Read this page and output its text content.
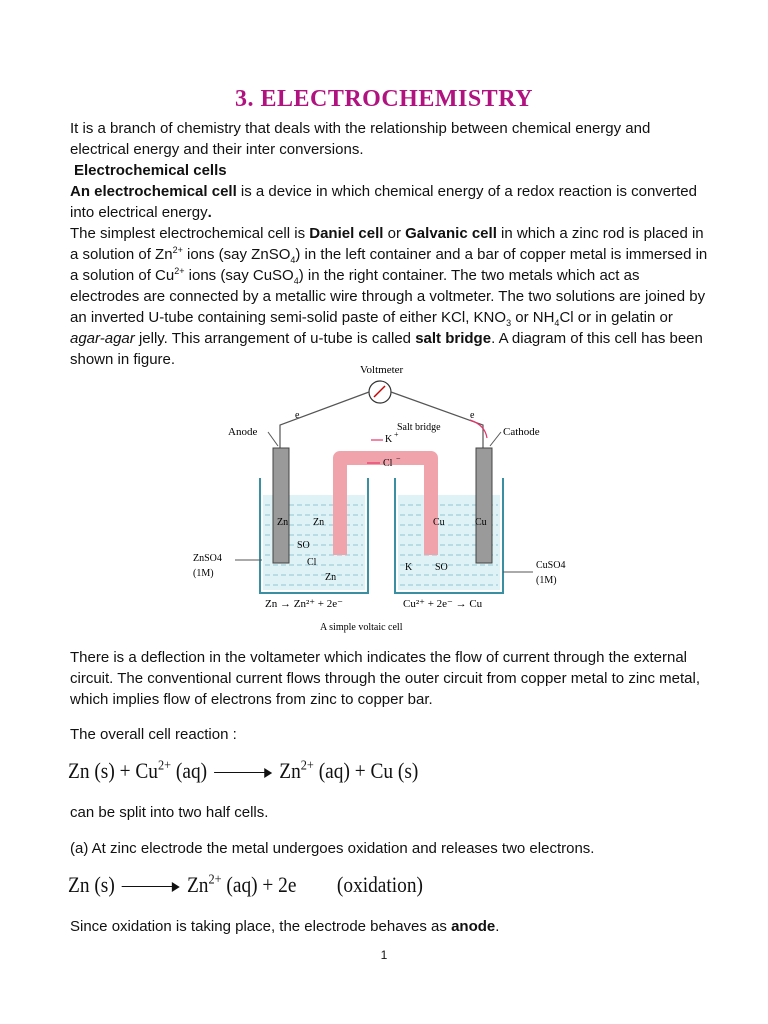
3. ELECTROCHEMISTRY

It is a branch of chemistry that deals with the relationship between chemical energy and electrical energy and their inter conversions.

Electrochemical cells

An electrochemical cell is a device in which chemical energy of a redox reaction is converted into electrical energy.

The simplest electrochemical cell is Daniel cell or Galvanic cell in which a zinc rod is placed in a solution of $Zn^{2+}$ ions (say ZnSO$_4$) in the left container and a bar of copper metal is immersed in a solution of $Cu^{2+}$ ions (say CuSO$_4$) in the right container. The two metals which act as electrodes are connected by a metallic wire through a voltmeter. The two solutions are joined by an inverted U-tube containing semi-solid paste of either KCl, $KNO_3$ or $NH_4Cl$ or in gelatin or agar-agar jelly. This arrangement of u-tube is called salt bridge. A diagram of this cell has been shown in figure.

Voltmeter
e	e
Anode	Cathode
Salt bridge
K +
Cl −
Zn Zn
SO
Cl
Zn
Cu	Cu
K SO
ZnSO4
(1M)
CuSO4
(1M)
Zn → Zn²⁺ + 2e⁻	Cu²⁺ + 2e⁻ → Cu
A simple voltaic cell
There is a deflection in the voltameter which indicates the flow of current through the external circuit. The conventional current flows through the outer circuit from copper metal to zinc metal, which implies flow of electrons from zinc to copper bar.
The overall cell reaction :
Zn $(s) + Cu^{2+}$ (aq)	$Zn^{2+}$ (aq) + Cu (s)
can be split into two half cells.
(a) At zinc electrode the metal undergoes oxidation and releases two electrons.
Zn (s)	$Zn^{2+}$ (aq) + 2e (oxidation)
Since oxidation is taking place, the electrode behaves as anode.
1
